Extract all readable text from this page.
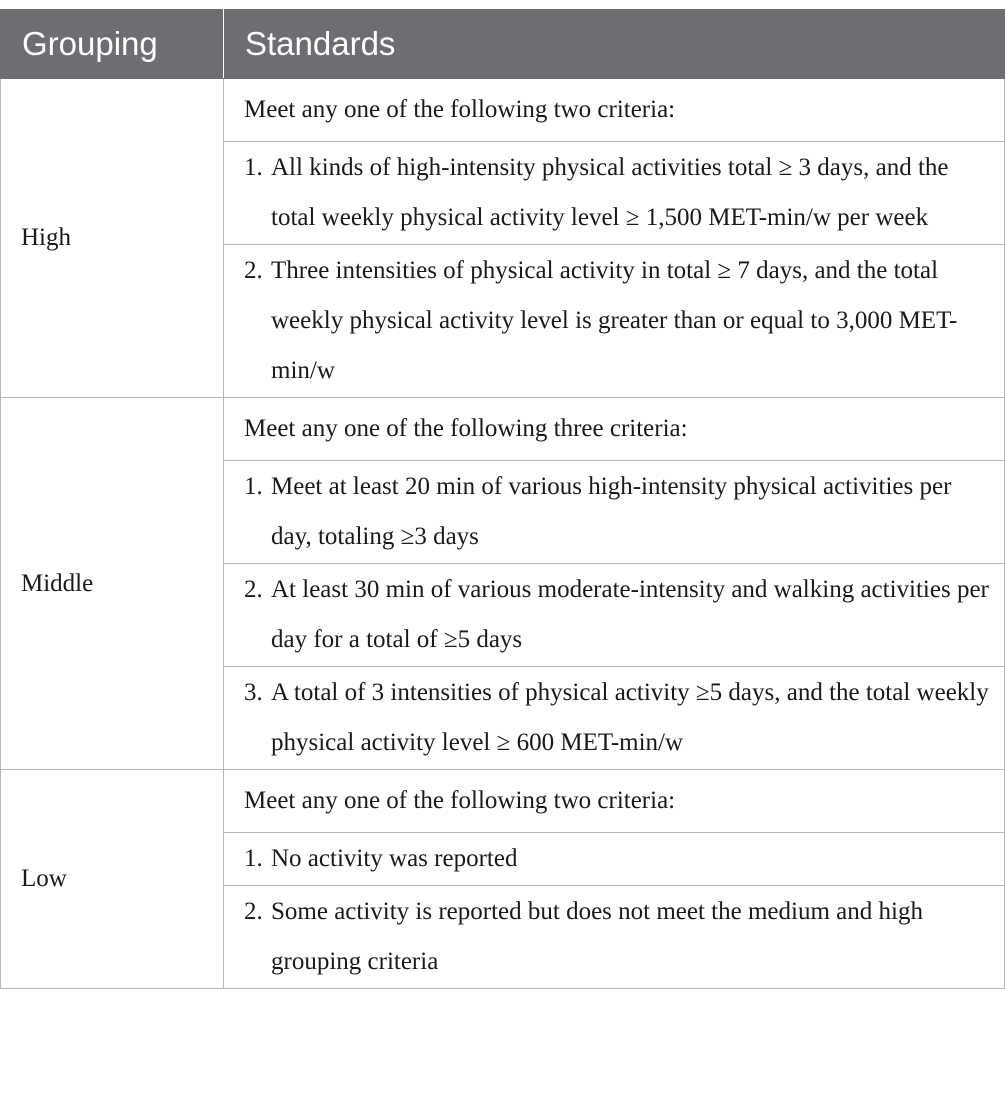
Grouping	Standards
High	Meet any one of the following two criteria:

	1. All kinds of high-intensity physical activities total ≥ 3 days, and the total weekly physical activity level ≥ 1,500 MET-min/w per week

	2. Three intensities of physical activity in total ≥ 7 days, and the total weekly physical activity level is greater than or equal to 3,000 MET-min/w

Middle	Meet any one of the following three criteria:

	1. Meet at least 20 min of various high-intensity physical activities per day, totaling ≥3 days

	2. At least 30 min of various moderate-intensity and walking activities per day for a total of ≥5 days

	3. A total of 3 intensities of physical activity ≥5 days, and the total weekly physical activity level ≥ 600 MET-min/w

Low	Meet any one of the following two criteria:

	1. No activity was reported

	2. Some activity is reported but does not meet the medium and high grouping criteria
